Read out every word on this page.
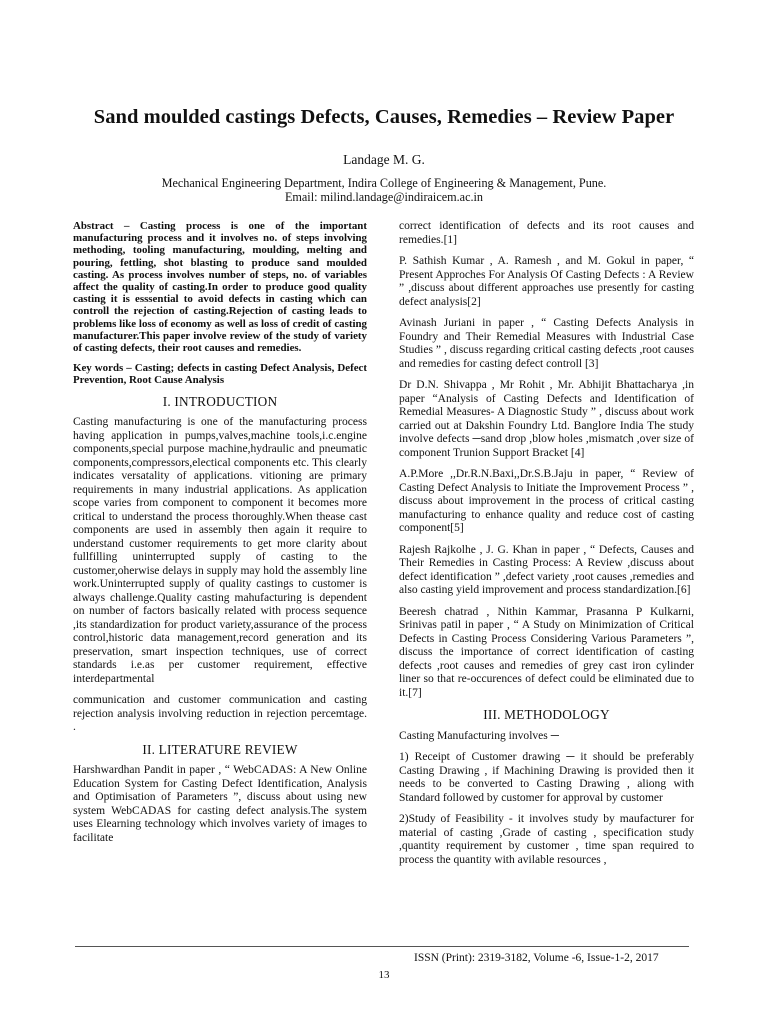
Sand moulded castings Defects, Causes, Remedies – Review Paper
Landage M. G.
Mechanical Engineering Department, Indira College of Engineering & Management, Pune.
Email: milind.landage@indiraicem.ac.in

Abstract – Casting process is one of the important manufacturing process and it involves no. of steps involving methoding, tooling manufacturing, moulding, melting and pouring, fettling, shot blasting to produce sand moulded casting. As process involves number of steps, no. of variables affect the quality of casting.In order to produce good quality casting it is esssential to avoid defects in casting which can controll the rejection of casting.Rejection of casting leads to problems like loss of economy as well as loss of credit of casting manufacturer.This paper involve review of the study of variety of casting defects, their root causes and remedies.

Key words – Casting; defects in casting Defect Analysis, Defect Prevention, Root Cause Analysis

I. INTRODUCTION

Casting manufacturing is one of the manufacturing process having application in pumps,valves,machine tools,i.c.engine components,special purpose machine,hydraulic and pneumatic components,compressors,electical components etc. This clearly indicates versatality of applications. vitioning are primary requirements in many industrial applications. As application scope varies from component to component it becomes more critical to understand the process thoroughly.When thease cast components are used in assembly then again it require to understand customer requirements to get more clarity about fullfilling uninterrupted supply of casting to the customer,oherwise delays in supply may hold the assembly line work.Uninterrupted supply of quality castings to customer is always challenge.Quality casting mahufacturing is dependent on number of factors basically related with process sequence ,its standardization for product variety,assurance of the process control,historic data management,record generation and its preservation, smart inspection techniques, use of correct standards i.e.as per customer requirement, effective interdepartmental

communication and customer communication and casting rejection analysis involving reduction in rejection percemtage. .

II. LITERATURE REVIEW

Harshwardhan Pandit in paper , “ WebCADAS: A New Online Education System for Casting Defect Identification, Analysis and Optimisation of Parameters ”, discuss about using new system WebCADAS for casting defect analysis.The system uses Elearning technology which involves variety of images to facilitate

correct identification of defects and its root causes and remedies.[1]

P. Sathish Kumar , A. Ramesh , and M. Gokul in paper, “ Present Approches For Analysis Of Casting Defects : A Review ” ,discuss about different approaches use presently for casting defect analysis[2]

Avinash Juriani in paper , “ Casting Defects Analysis in Foundry and Their Remedial Measures with Industrial Case Studies ” , discuss regarding critical casting defects ,root causes and remedies for casting defect controll [3]

Dr D.N. Shivappa , Mr Rohit , Mr. Abhijit Bhattacharya ,in paper “Analysis of Casting Defects and Identification of Remedial Measures- A Diagnostic Study ” , discuss about work carried out at Dakshin Foundry Ltd. Banglore India The study involve defects ─sand drop ,blow holes ,mismatch ,over size of component Trunion Support Bracket [4]

A.P.More ,,Dr.R.N.Baxi,,Dr.S.B.Jaju in paper, “ Review of Casting Defect Analysis to Initiate the Improvement Process ” , discuss about improvement in the process of critical casting manufacturing to enhance quality and reduce cost of casting component[5]

Rajesh Rajkolhe , J. G. Khan in paper , “ Defects, Causes and Their Remedies in Casting Process: A Review ,discuss about defect identification ” ,defect variety ,root causes ,remedies and also casting yield improvement and process standardization.[6]

Beeresh chatrad , Nithin Kammar, Prasanna P Kulkarni, Srinivas patil in paper , “ A Study on Minimization of Critical Defects in Casting Process Considering Various Parameters ”, discuss the importance of correct identification of casting defects ,root causes and remedies of grey cast iron cylinder liner so that re-occurences of defect could be eliminated due to it.[7]

III. METHODOLOGY

Casting Manufacturing involves ─

1) Receipt of Customer drawing ─ it should be preferably Casting Drawing , if Machining Drawing is provided then it needs to be converted to Casting Drawing , aliong with Standard followed by customer for approval by customer

2)Study of Feasibility - it involves study by maufacturer for material of casting ,Grade of casting , specification study ,quantity requirement by customer , time span required to process the quantity with avilable resources ,

ISSN (Print): 2319-3182, Volume -6, Issue-1-2, 2017
13
